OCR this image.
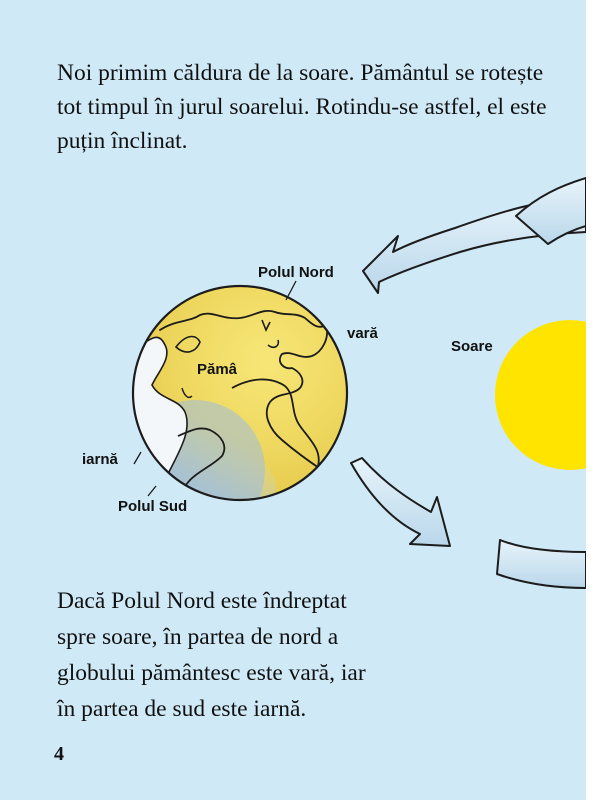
Noi primim căldura de la soare. Pământul se rotește tot timpul în jurul soarelui. Rotindu-se astfel, el este puțin înclinat.

Polul Nord
vară
Pămâ
iarnă
Polul Sud
Soare

Dacă Polul Nord este îndreptat spre soare, în partea de nord a globului pământesc este vară, iar în partea de sud este iarnă.

4
